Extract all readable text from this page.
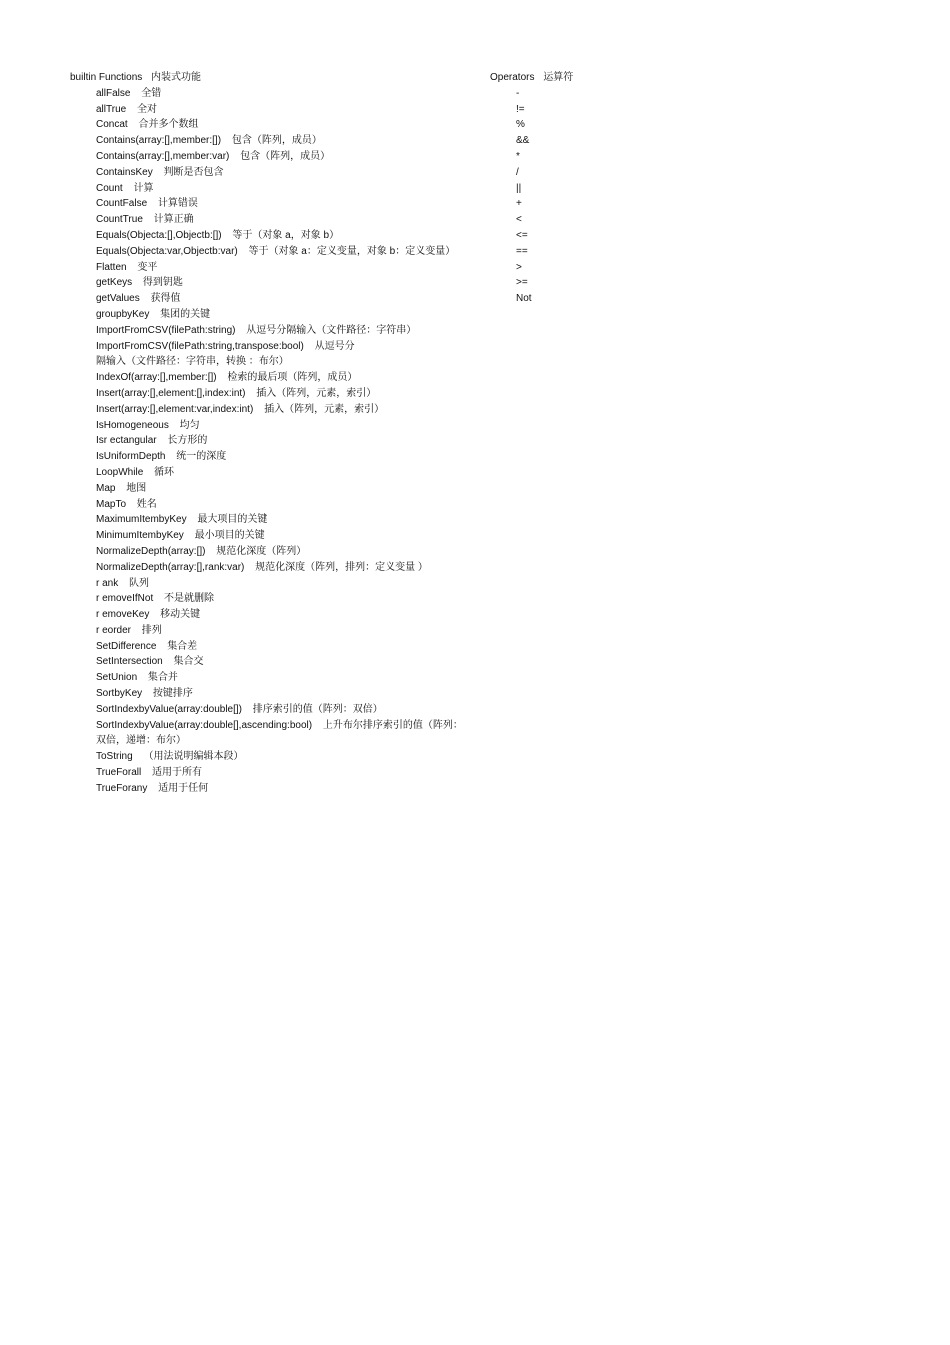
builtin Functions 内装式功能
allFalse 全错
allTrue 全对
Concat 合并多个数组
Contains(array:[],member:[]) 包含（阵列，成员）
Contains(array:[],member:var) 包含（阵列，成员）
ContainsKey 判断是否包含
Count 计算
CountFalse 计算错误
CountTrue 计算正确
Equals(Objecta:[],Objectb:[]) 等于（对象 a，对象 b）
Equals(Objecta:var,Objectb:var) 等于（对象 a：定义变量，对象 b：定义变量）
Flatten 变平
getKeys 得到钥匙
getValues 获得值
groupbyKey 集团的关键
ImportFromCSV(filePath:string) 从逗号分隔输入（文件路径：字符串）
ImportFromCSV(filePath:string,transpose:bool) 从逗号分隔输入（文件路径：字符串，转换 ：布尔）
IndexOf(array:[],member:[]) 检索的最后项（阵列，成员）
Insert(array:[],element:[],index:int) 插入（阵列，元素，索引）
Insert(array:[],element:var,index:int) 插入（阵列，元素，索引）
IsHomogeneous 均匀
Isr ectangular 长方形的
IsUniformDepth 统一的深度
LoopWhile 循环
Map 地图
MapTo 姓名
MaximumItembyKey 最大项目的关键
MinimumItembyKey 最小项目的关键
NormalizeDepth(array:[]) 规范化深度（阵列）
NormalizeDepth(array:[],rank:var) 规范化深度（阵列，排列：定义变量 ）
r ank 队列
r emoveIfNot 不是就删除
r emoveKey 移动关键
r eorder 排列
SetDifference 集合差
SetIntersection 集合交
SetUnion 集合并
SortbyKey 按键排序
SortIndexbyValue(array:double[]) 排序索引的值（阵列：双倍）
SortIndexbyValue(array:double[],ascending:bool) 上升布尔排序索引的值（阵列：双倍，递增：布尔）
ToString （用法说明编辑本段）
TrueForall 适用于所有
TrueForany 适用于任何
Operators 运算符
-
!=
%
&&
*
/
||
+
<
<=
==
>
>=
Not
